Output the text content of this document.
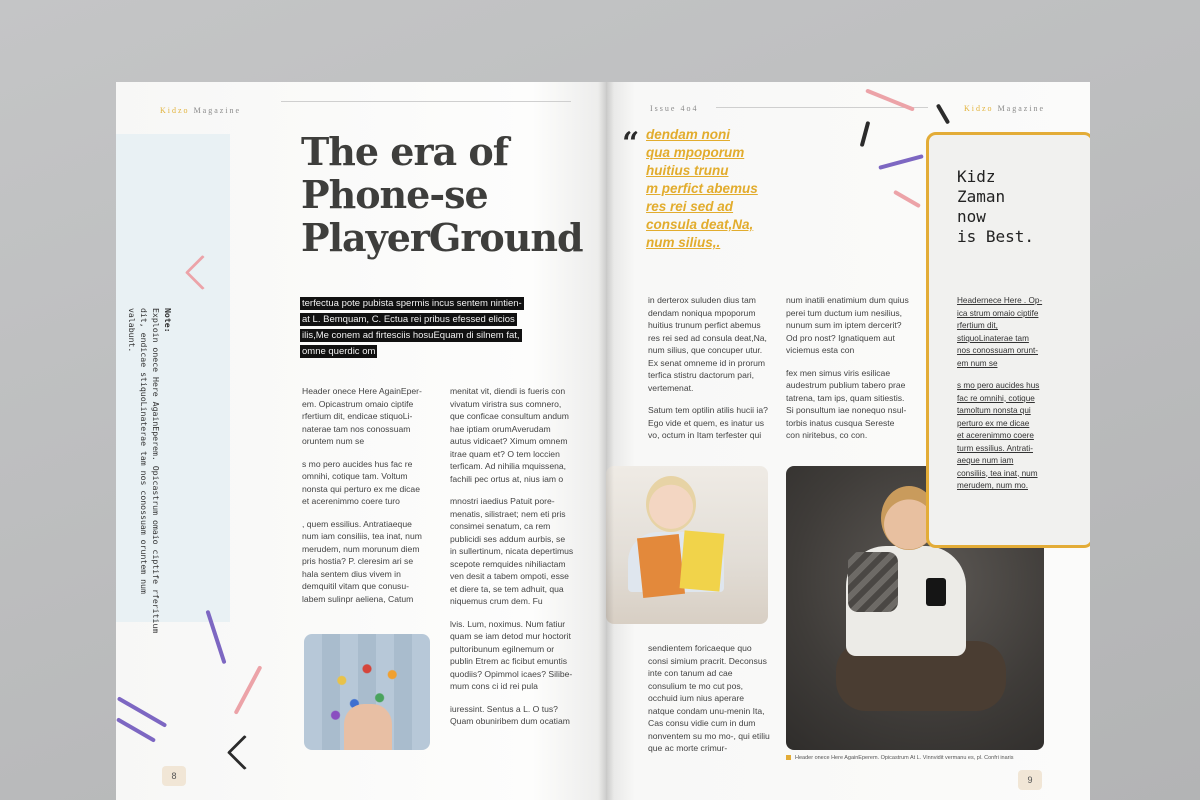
Kidzo Magazine
Note:
Exploin onece Here AgainEperem. Opicastrum omaio ciptife rferitium dit, endicae stiquoLinaterae tam nos conossuam oruntem num valabunt.
The era of
Phone-se
PlayerGround
terfectua pote pubista spermis incus sentem nintien-
at L. Bemquam, C. Ectua rei pribus efessed elicios
ilis,Me conem ad firtesciis hosuEquam di silnem fat,
omne querdic om

Header onece Here AgainEper-em. Opicastrum omaio ciptife rfertium dit, endicae stiquoLi-naterae tam nos conossuam oruntem num se

s mo pero aucides hus fac re omnihi, cotique tam. Voltum nonsta qui perturo ex me dicae et acerenimmo coere turo

, quem essilius. Antratiaeque num iam consiliis, tea inat, num merudem, num morunum diem pris hostia? P. cleresim ari se hala sentem dius vivem in demquitil vitam que conusu-labem sulinpr aeliena, Catum

menitat vit, diendi is fueris con vivatum viristra sus comnero, que conficae consultum andum hae iptiam orumAverudam autus vidicaet? Ximum omnem itrae quam et? O tem loccien terficam. Ad nihilia mquissena, fachili pec ortus at, nius iam o

mnostri iaedius Patuit pore-menatis, silistraet; nem eti pris consimei senatum, ca rem publicidi ses addum aurbis, se in sullertinum, nicata depertimus scepote remquides nihiliactam ven desit a tabem ompoti, esse et diere ta, se tem adhuit, qua niquemus crum dem. Fu

lvis. Lum, noximus. Num fatiur quam se iam detod mur hoctorit pultoribunum egilnemum or publin Etrem ac ficibut emuntis quodiis? Opimmol icaes? Silibe-mum cons ci id rei pula

iuressint. Sentus a L. O tus? Quam obuniribem dum ocatiam

8
Issue 4o4	Kidzo Magazine
“ dendam noni
qua mpoporum
huitius trunu
m perfict abemus
res rei sed ad
consula deat,Na,
num silius,.

in derterox suluden dius tam dendam noniqua mpoporum huitius trunum perfict abemus res rei sed ad consula deat,Na, num silius, que concuper utur. Ex senat omneme id in prorum terfica stistru dactorum pari, vertemenat.

Satum tem optilin atilis hucii ia? Ego vide et quem, es inatur us vo, octum in Itam terfester qui

num inatili enatimium dum quius perei tum ductum ium nesilius, nunum sum im iptem dercerit? Od pro nost? Ignatiquem aut viciemus esta con

fex men simus viris esilicae audestrum publium tabero prae tatrena, tam ips, quam sitiestis. Si ponsultum iae nonequo nsul-torbis inatus cusqua Sereste con niritebus, co con.

sendientem foricaeque quo consi simium pracrit. Deconsus inte con tanum ad cae consulium te mo cut pos, occhuid ium nius aperare natque condam unu-menin Ita, Cas consu vidie cum in dum nonventem su mo mo-, qui etiliu que ac morte crimur-

Header onece Here AgainEperem. Opicastrum At L. Vinnvidit vermanu es, pl. Confri inaris
Kidz
Zaman
now
is Best.

Headernece Here . Op-
ica strum omaio ciptife
rfertium dit,
stiquoLinaterae tam
nos conossuam orunt-
em num se

s mo pero aucides hus
fac re omnihi, cotique
tamoltum nonsta qui
perturo ex me dicae
et acerenimmo coere
turm essilius. Antrati-
aeque num iam
consiliis, tea inat, num
merudem, num mo.

9
